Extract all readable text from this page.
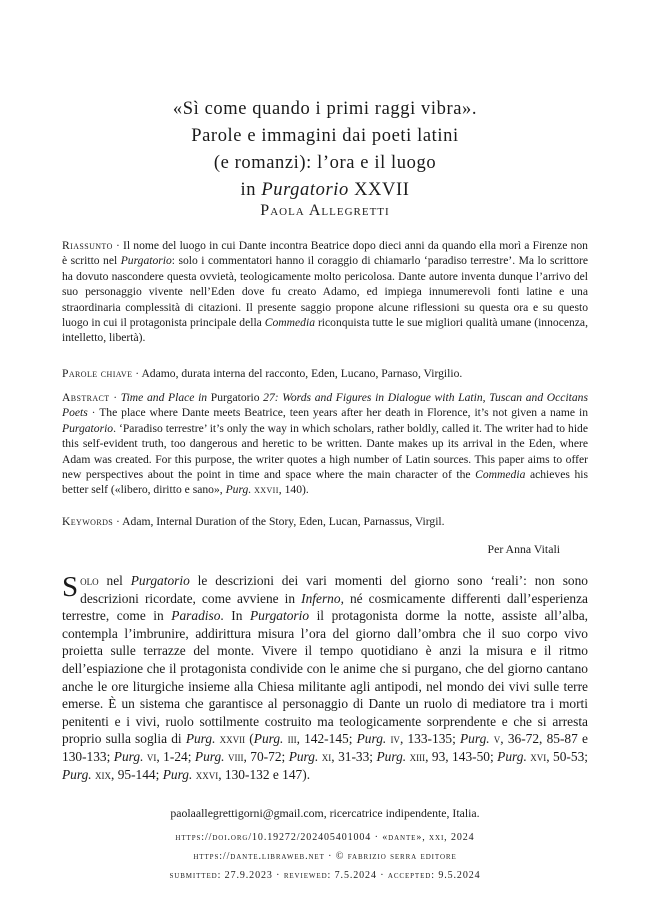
«Sì come quando i primi raggi vibra».
Parole e immagini dai poeti latini
(e romanzi): l’ora e il luogo
in Purgatorio XXVII
Paola Allegretti
Riassunto · Il nome del luogo in cui Dante incontra Beatrice dopo dieci anni da quando ella morì a Firenze non è scritto nel Purgatorio: solo i commentatori hanno il coraggio di chiamarlo ‘paradiso terrestre’. Ma lo scrittore ha dovuto nascondere questa ovvietà, teologicamente molto pericolosa. Dante autore inventa dunque l’arrivo del suo personaggio vivente nell’Eden dove fu creato Adamo, ed impiega innumerevoli fonti latine e una straordinaria complessità di citazioni. Il presente saggio propone alcune riflessioni su questa ora e su questo luogo in cui il protagonista principale della Commedia riconquista tutte le sue migliori qualità umane (innocenza, intelletto, libertà).
Parole chiave · Adamo, durata interna del racconto, Eden, Lucano, Parnaso, Virgilio.
Abstract · Time and Place in Purgatorio 27: Words and Figures in Dialogue with Latin, Tuscan and Occitans Poets · The place where Dante meets Beatrice, teen years after her death in Florence, it’s not given a name in Purgatorio. ‘Paradiso terrestre’ it’s only the way in which scholars, rather boldly, called it. The writer had to hide this self-evident truth, too dangerous and heretic to be written. Dante makes up its arrival in the Eden, where Adam was created. For this purpose, the writer quotes a high number of Latin sources. This paper aims to offer new perspectives about the point in time and space where the main character of the Commedia achieves his better self («libero, diritto e sano», Purg. xxvii, 140).
Keywords · Adam, Internal Duration of the Story, Eden, Lucan, Parnassus, Virgil.
Per Anna Vitali
Solo nel Purgatorio le descrizioni dei vari momenti del giorno sono ‘reali’: non sono descrizioni ricordate, come avviene in Inferno, né cosmicamente differenti dall’esperienza terrestre, come in Paradiso. In Purgatorio il protagonista dorme la notte, assiste all’alba, contempla l’imbrunire, addirittura misura l’ora del giorno dall’ombra che il suo corpo vivo proietta sulle terrazze del monte. Vivere il tempo quotidiano è anzi la misura e il ritmo dell’espiazione che il protagonista condivide con le anime che si purgano, che del giorno cantano anche le ore liturgiche insieme alla Chiesa militante agli antipodi, nel mondo dei vivi sulle terre emerse. È un sistema che garantisce al personaggio di Dante un ruolo di mediatore tra i morti penitenti e i vivi, ruolo sottilmente costruito ma teologicamente sorprendente e che si arresta proprio sulla soglia di Purg. xxvii (Purg. iii, 142-145; Purg. iv, 133-135; Purg. v, 36-72, 85-87 e 130-133; Purg. vi, 1-24; Purg. viii, 70-72; Purg. xi, 31-33; Purg. xiii, 93, 143-50; Purg. xvi, 50-53; Purg. xix, 95-144; Purg. xxvi, 130-132 e 147).
paolaallegrettigorni@gmail.com, ricercatrice indipendente, Italia.
https://doi.org/10.19272/202405401004 · «dante», xxi, 2024
https://dante.libraweb.net · © fabrizio serra editore
submitted: 27.9.2023 · reviewed: 7.5.2024 · accepted: 9.5.2024
